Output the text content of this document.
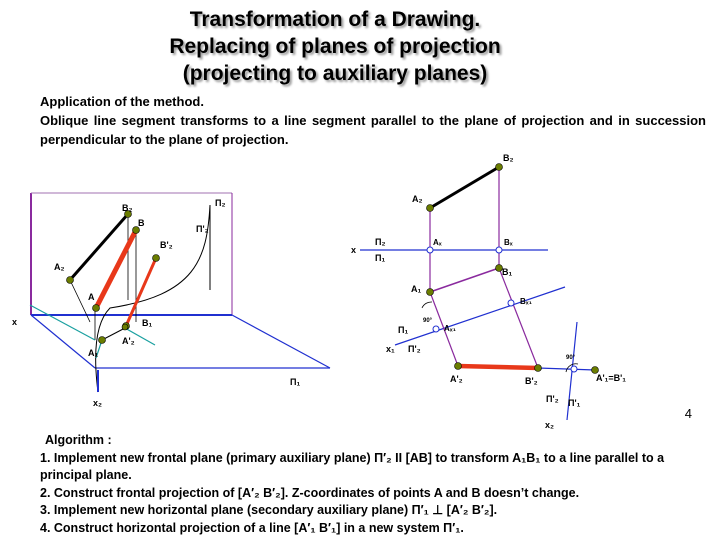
Transformation of a Drawing.
Replacing of planes of projection
(projecting to auxiliary planes)
Application of the method.
Oblique line segment transforms to a line segment parallel to the plane of projection and in succession perpendicular to the plane of projection.
Π₂
Π'₂
Π₁
x
x₂
B₂
B
B'₂
A₂
A
B₁
A'₂
A₁
B₂
A₂
x
Π₂
Π₁
Aₓ	Bₓ
B₁
A₁
Bₓ₁
Aₓ₁
Π₁
x₁ Π'₂
90°
A'₂	B'₂
90°
A'₁=B'₁
Π'₂ Π'₁
x₂
4
Algorithm :
1. Implement new frontal plane (primary auxiliary plane) Π′₂ II [AB] to transform A₁B₁ to a line parallel to a principal plane.
2. Construct frontal projection of [A′₂ B′₂]. Z-coordinates of points A and B doesn’t change.
3. Implement new horizontal plane (secondary auxiliary plane) Π′₁ ⊥ [A′₂ B′₂].
4. Construct horizontal projection of a line [A′₁ B′₁] in a new system Π′₁.
